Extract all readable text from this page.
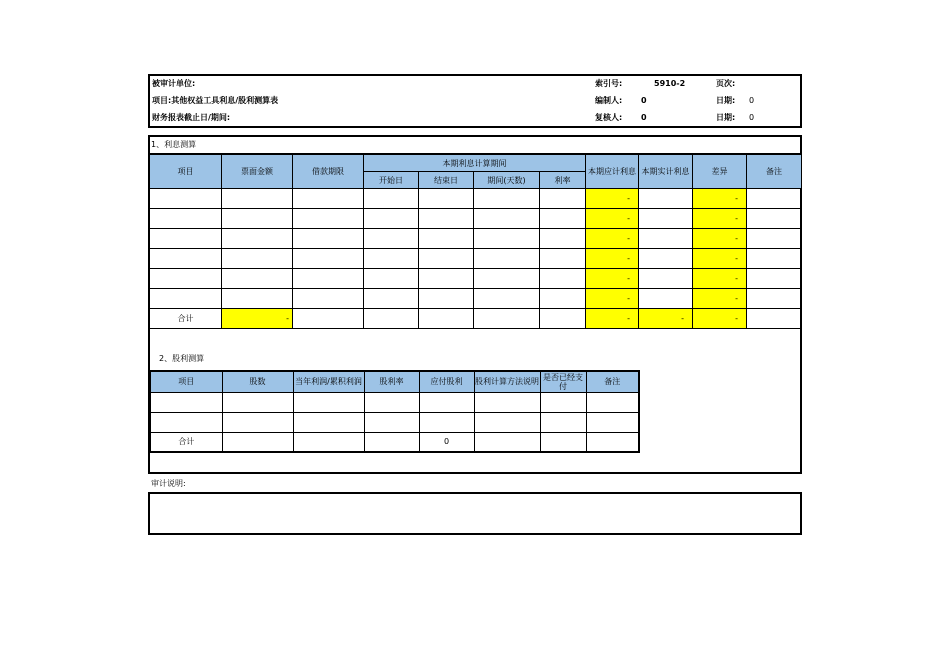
被审计单位:
项目:其他权益工具利息/股利测算表
财务报表截止日/期间:
索引号:	5910-2	页次:
编制人: 0	日期: 0
复核人: 0	日期: 0
1、利息测算
项目	票面金额	借款期限	本期利息计算期间				本期应计利息	本期实计利息	差异	备注
			开始日	结束日	期间(天数)	利率				
							-		-	
							-		-	
							-		-	
							-		-	
							-		-	
							-		-	
合计	-						-	-	-	
2、股利测算
项目	股数	当年利润/累积利润	股利率	应付股利	股利计算方法说明	是否已经支付	备注

合计				0			
审计说明:
